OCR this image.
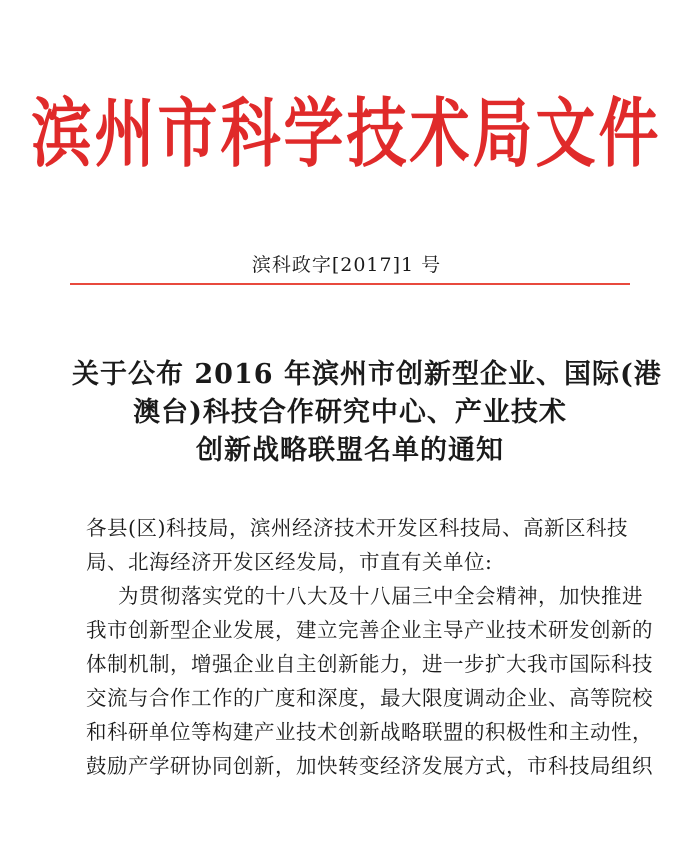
滨州市科学技术局文件
滨科政字[2017]1 号
关于公布 2016 年滨州市创新型企业、国际(港
澳台)科技合作研究中心、产业技术
创新战略联盟名单的通知
各县(区)科技局，滨州经济技术开发区科技局、高新区科技
局、北海经济开发区经发局，市直有关单位:
为贯彻落实党的十八大及十八届三中全会精神，加快推进
我市创新型企业发展，建立完善企业主导产业技术研发创新的
体制机制，增强企业自主创新能力，进一步扩大我市国际科技
交流与合作工作的广度和深度，最大限度调动企业、高等院校
和科研单位等构建产业技术创新战略联盟的积极性和主动性，
鼓励产学研协同创新，加快转变经济发展方式，市科技局组织
